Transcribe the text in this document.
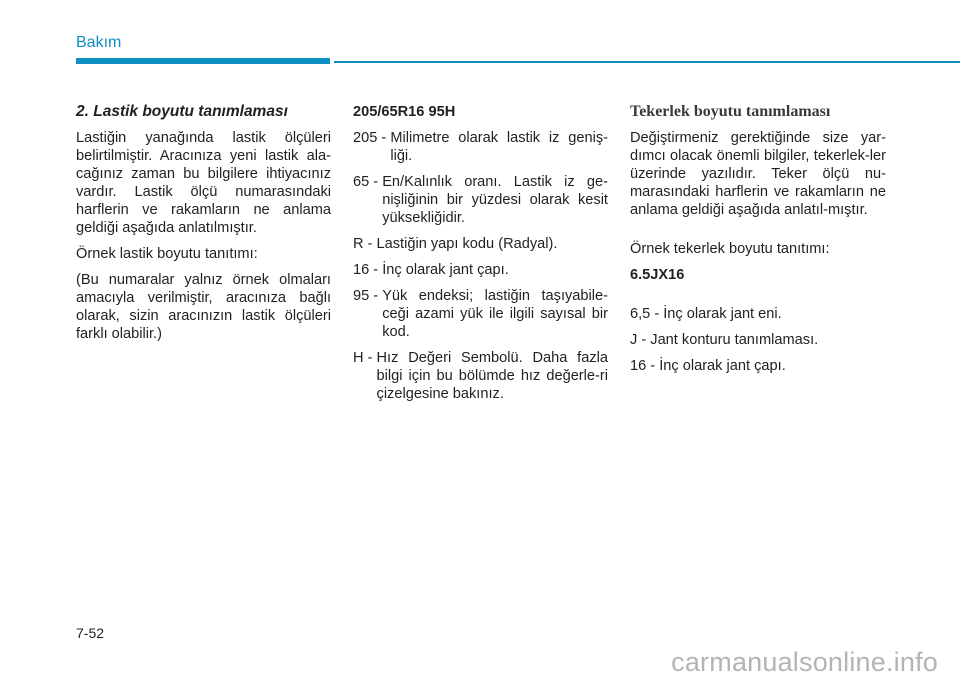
Bakım

2. Lastik boyutu tanımlaması

Lastiğin yanağında lastik ölçüleri belirtilmiştir. Aracınıza yeni lastik ala-cağınız zaman bu bilgilere ihtiyacınız vardır. Lastik ölçü numarasındaki harflerin ve rakamların ne anlama geldiği aşağıda anlatılmıştır.

Örnek lastik boyutu tanıtımı:

(Bu numaralar yalnız örnek olmaları amacıyla verilmiştir, aracınıza bağlı olarak, sizin aracınızın lastik ölçüleri farklı olabilir.)

205/65R16 95H

205 - Milimetre olarak lastik iz geniş-liği.
65 - En/Kalınlık oranı. Lastik iz ge-nişliğinin bir yüzdesi olarak kesit yüksekliğidir.
R - Lastiğin yapı kodu (Radyal).
16 - İnç olarak jant çapı.
95 - Yük endeksi; lastiğin taşıyabile-ceği azami yük ile ilgili sayısal bir kod.
H - Hız Değeri Sembolü. Daha fazla bilgi için bu bölümde hız değerle-ri çizelgesine bakınız.

Tekerlek boyutu tanımlaması

Değiştirmeniz gerektiğinde size yar-dımcı olacak önemli bilgiler, tekerlek-ler üzerinde yazılıdır. Teker ölçü nu-marasındaki harflerin ve rakamların ne anlama geldiği aşağıda anlatıl-mıştır.

Örnek tekerlek boyutu tanıtımı:

6.5JX16

6,5 - İnç olarak jant eni.

J - Jant konturu tanımlaması.

16 - İnç olarak jant çapı.

7-52
carmanualsonline.info
